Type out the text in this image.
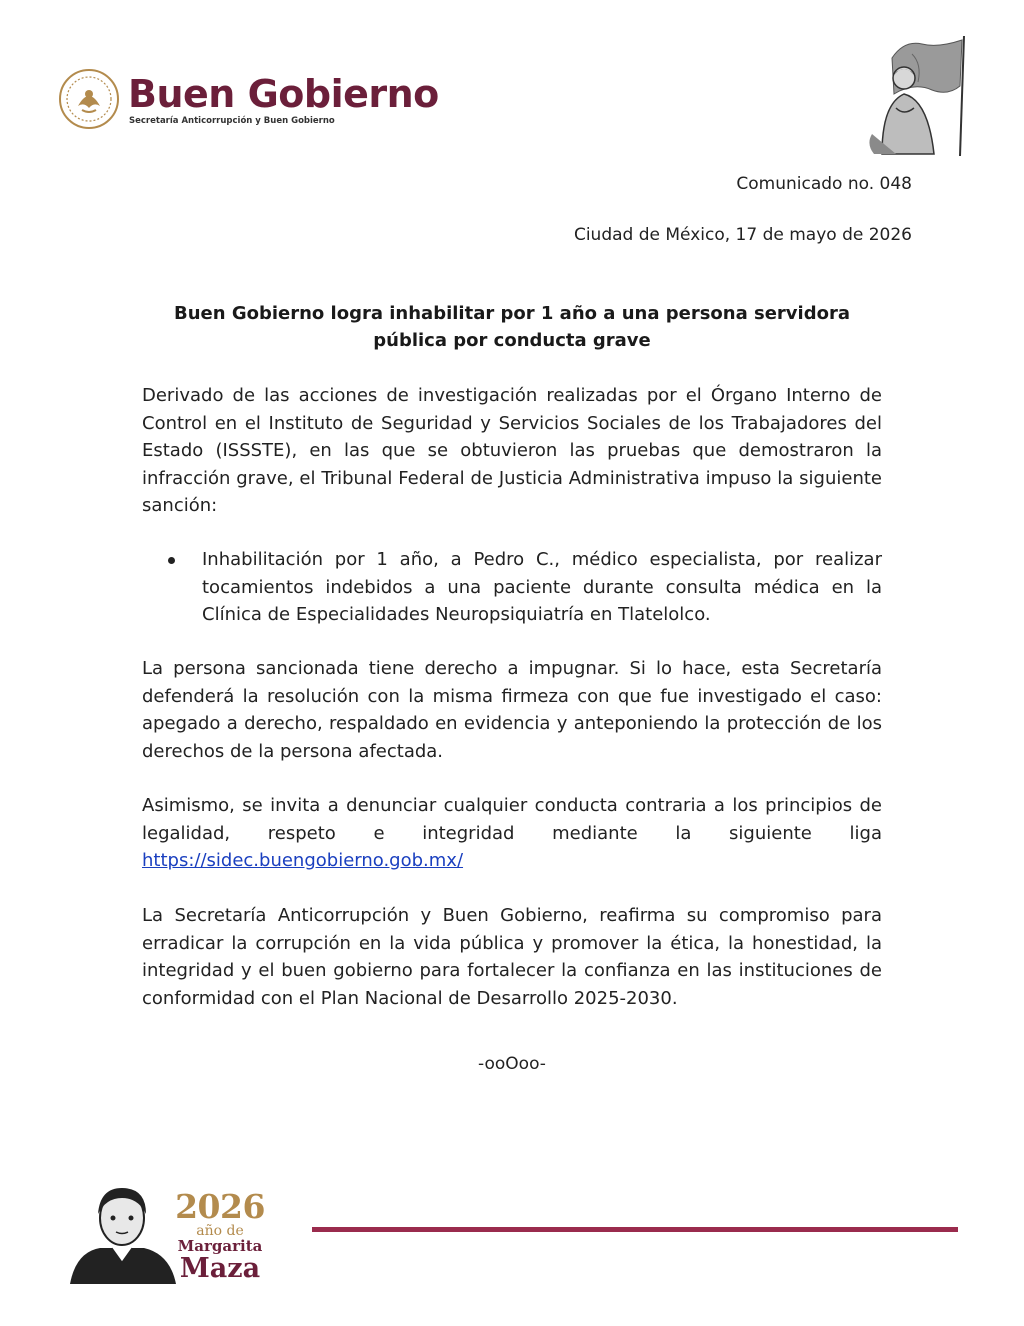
Buen Gobierno
Secretaría Anticorrupción y Buen Gobierno
Comunicado no. 048
Ciudad de México, 17 de mayo de 2026
Buen Gobierno logra inhabilitar por 1 año a una persona servidora
pública por conducta grave

Derivado de las acciones de investigación realizadas por el Órgano Interno de Control en el Instituto de Seguridad y Servicios Sociales de los Trabajadores del Estado (ISSSTE), en las que se obtuvieron las pruebas que demostraron la infracción grave, el Tribunal Federal de Justicia Administrativa impuso la siguiente sanción:

Inhabilitación por 1 año, a Pedro C., médico especialista, por realizar tocamientos indebidos a una paciente durante consulta médica en la Clínica de Especialidades Neuropsiquiatría en Tlatelolco.

La persona sancionada tiene derecho a impugnar. Si lo hace, esta Secretaría defenderá la resolución con la misma firmeza con que fue investigado el caso: apegado a derecho, respaldado en evidencia y anteponiendo la protección de los derechos de la persona afectada.

Asimismo, se invita a denunciar cualquier conducta contraria a los principios de legalidad, respeto e integridad mediante la siguiente liga
https://sidec.buengobierno.gob.mx/

La Secretaría Anticorrupción y Buen Gobierno, reafirma su compromiso para erradicar la corrupción en la vida pública y promover la ética, la honestidad, la integridad y el buen gobierno para fortalecer la confianza en las instituciones de conformidad con el Plan Nacional de Desarrollo 2025-2030.

-ooOoo-
2026
año de
Margarita
Maza
